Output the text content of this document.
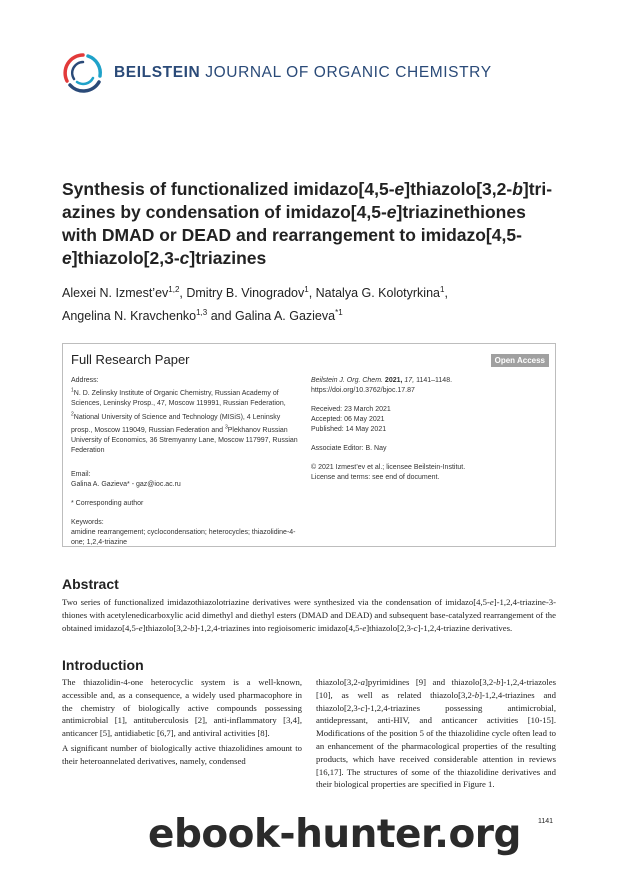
BEILSTEIN JOURNAL OF ORGANIC CHEMISTRY
Synthesis of functionalized imidazo[4,5-e]thiazolo[3,2-b]triazines by condensation of imidazo[4,5-e]triazinethiones with DMAD or DEAD and rearrangement to imidazo[4,5-e]thiazolo[2,3-c]triazines
Alexei N. Izmest’ev$^{1,2}$, Dmitry B. Vinogradov$^1$, Natalya G. Kolotyrkina$^1$,
Angelina N. Kravchenko$^{1,3}$ and Galina A. Gazieva$^{*1}$
Full Research Paper	Open Access

Address:
$^1$N. D. Zelinsky Institute of Organic Chemistry, Russian Academy of Sciences, Leninsky Prosp., 47, Moscow 119991, Russian Federation, $^2$National University of Science and Technology (MISiS), 4 Leninsky prosp., Moscow 119049, Russian Federation and $^3$Plekhanov Russian University of Economics, 36 Stremyanny Lane, Moscow 117997, Russian Federation

Email:
Galina A. Gazieva* - gaz@ioc.ac.ru

* Corresponding author

Keywords:
amidine rearrangement; cyclocondensation; heterocycles; thiazolidine-4-one; 1,2,4-triazine

Beilstein J. Org. Chem. 2021, 17, 1141–1148.
https://doi.org/10.3762/bjoc.17.87

Received: 23 March 2021
Accepted: 06 May 2021
Published: 14 May 2021

Associate Editor: B. Nay

© 2021 Izmest’ev et al.; licensee Beilstein-Institut.
License and terms: see end of document.

Abstract

Two series of functionalized imidazothiazolotriazine derivatives were synthesized via the condensation of imidazo[4,5-e]-1,2,4-triazine-3-thiones with acetylenedicarboxylic acid dimethyl and diethyl esters (DMAD and DEAD) and subsequent base-catalyzed rearrangement of the obtained imidazo[4,5-e]thiazolo[3,2-b]-1,2,4-triazines into regioisomeric imidazo[4,5-e]thiazolo[2,3-c]-1,2,4-triazine derivatives.

Introduction

The thiazolidin-4-one heterocyclic system is a well-known, accessible and, as a consequence, a widely used pharmacophore in the chemistry of biologically active compounds possessing antimicrobial [1], antituberculosis [2], anti-inflammatory [3,4], anticancer [5], antidiabetic [6,7], and antiviral activities [8].

A significant number of biologically active thiazolidines amount to their heteroannelated derivatives, namely, condensed

thiazolo[3,2-a]pyrimidines [9] and thiazolo[3,2-b]-1,2,4-triazoles [10], as well as related thiazolo[3,2-b]-1,2,4-triazines and thiazolo[2,3-c]-1,2,4-triazines possessing antimicrobial, antidepressant, anti-HIV, and anticancer activities [10-15]. Modifications of the position 5 of the thiazolidine cycle often lead to an enhancement of the pharmacological properties of the resulting products, which have received considerable attention in reviews [16,17]. The structures of some of the thiazolidine derivatives and their biological properties are specified in Figure 1.

1141
ebook-hunter.org
